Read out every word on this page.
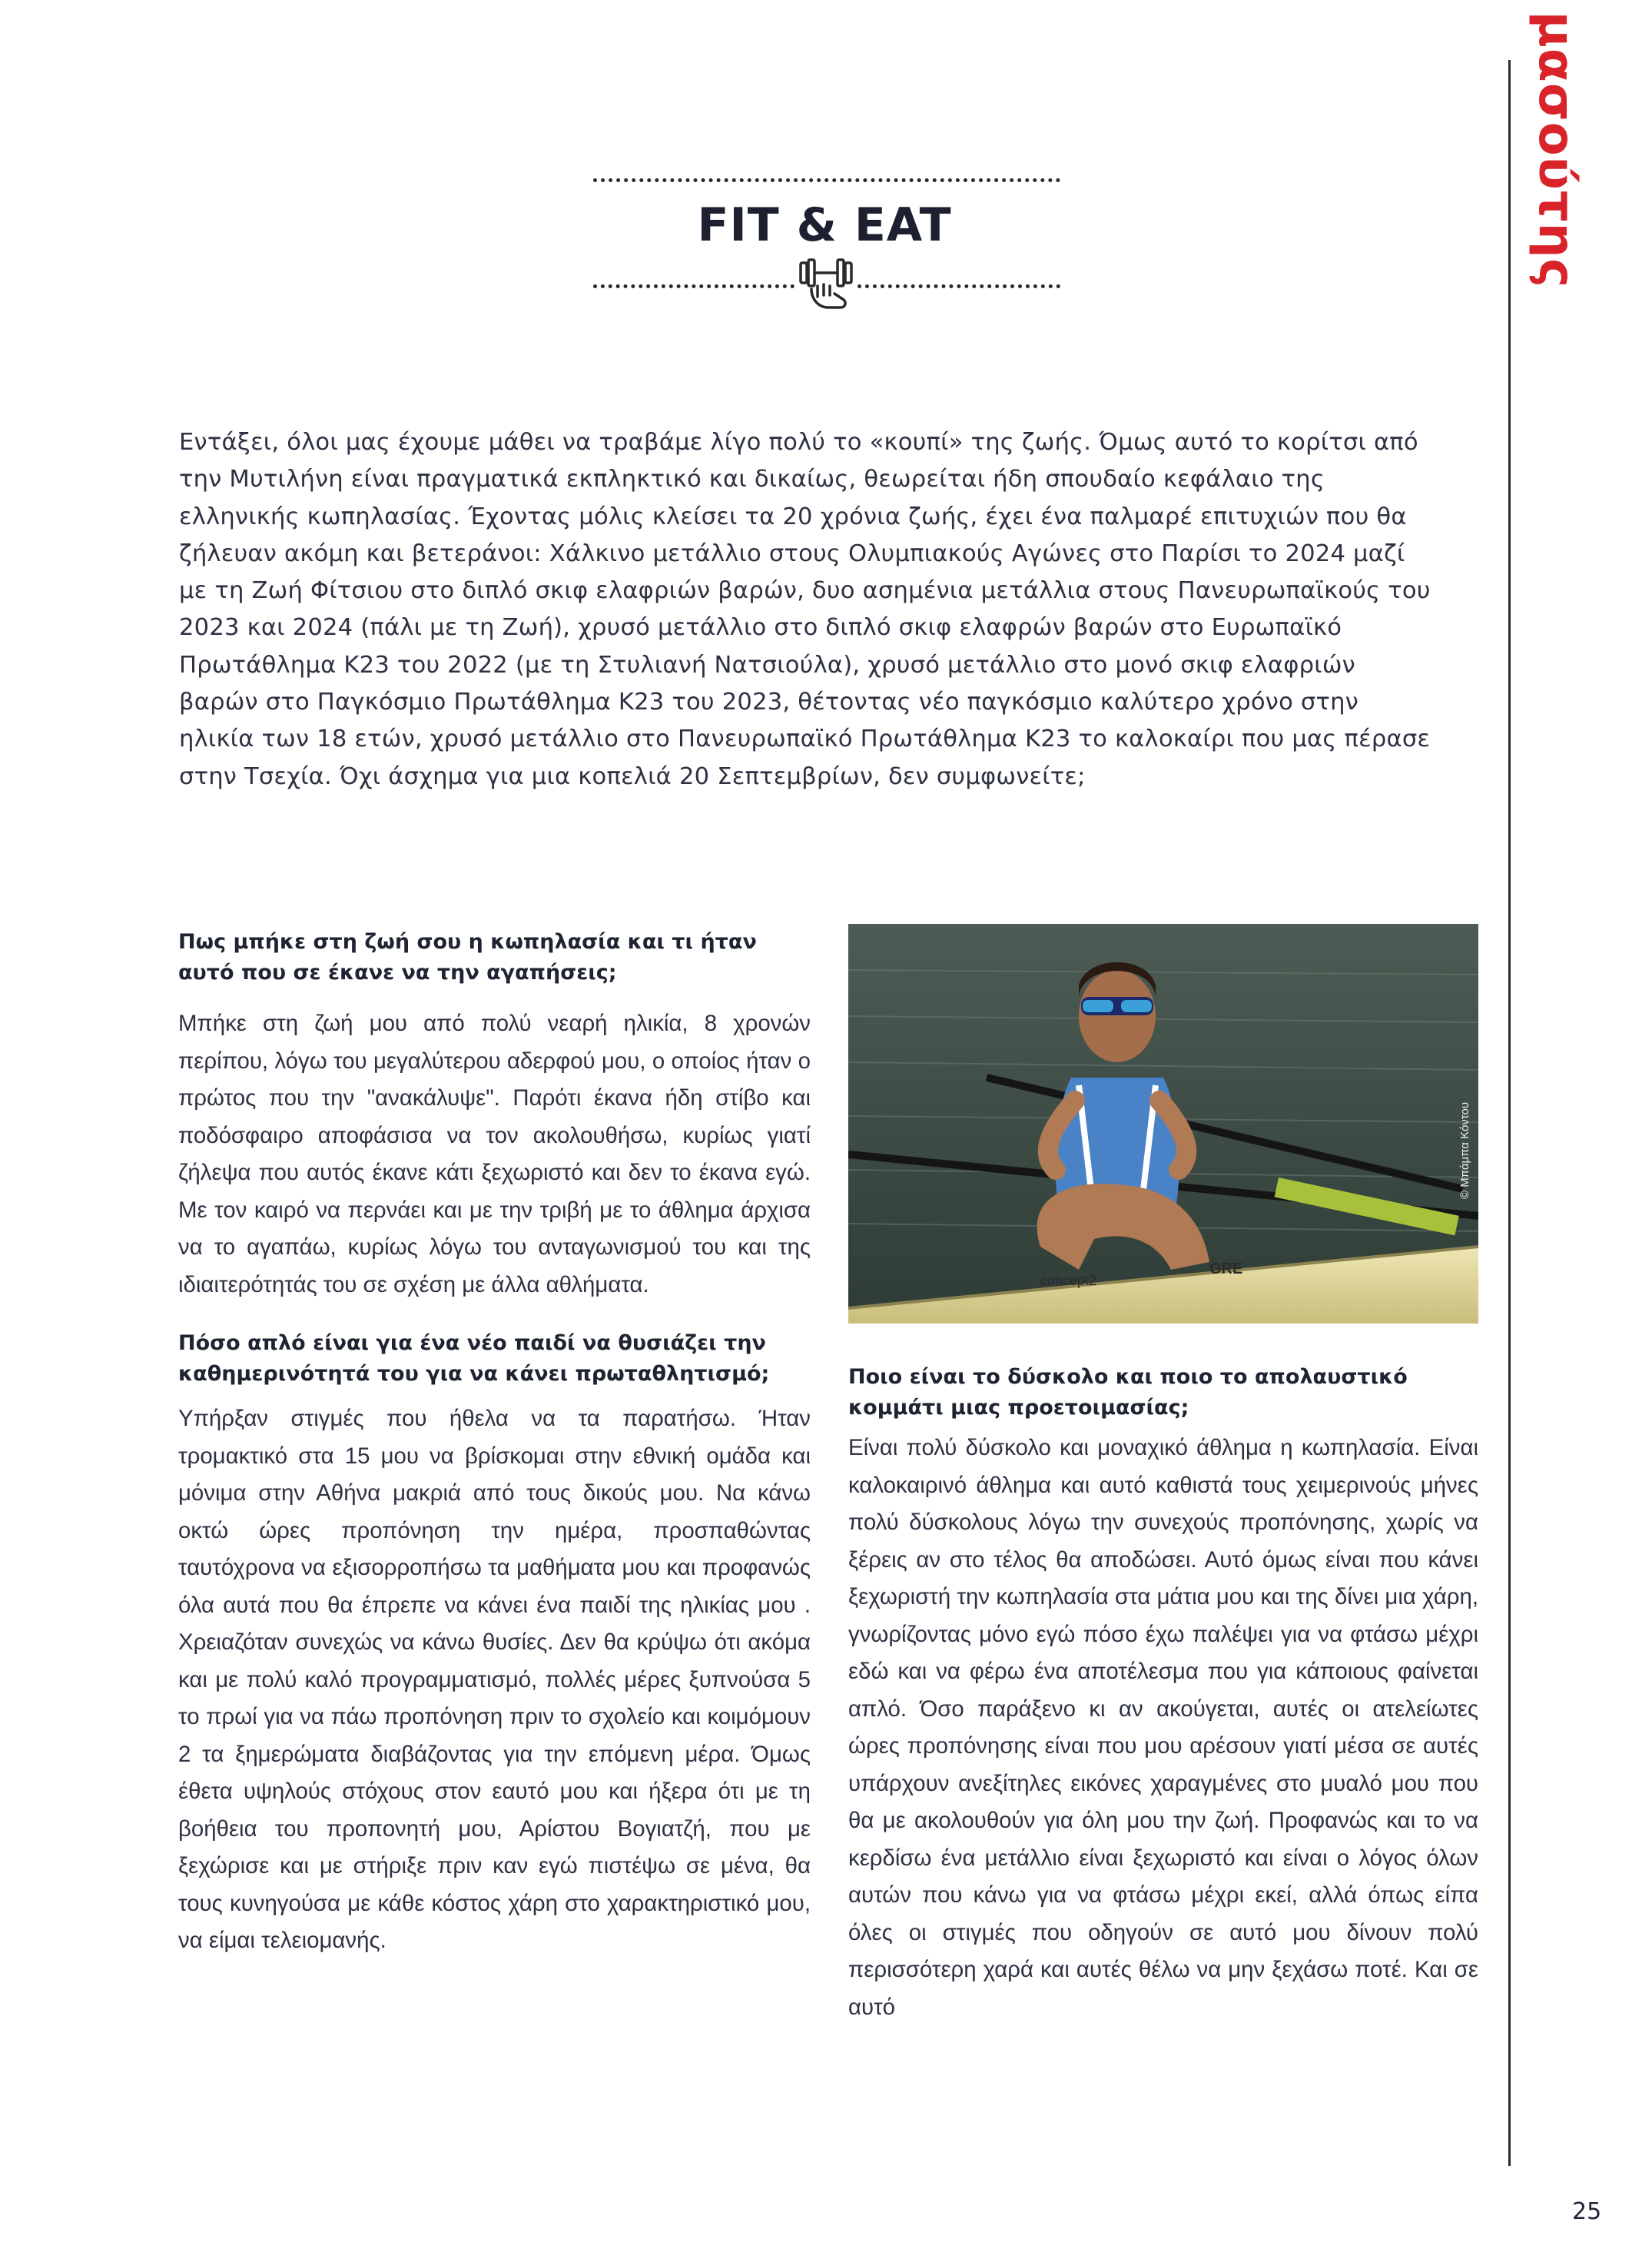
μασούτης
FIT & EAT

Εντάξει, όλοι μας έχουμε μάθει να τραβάμε λίγο πολύ το «κουπί» της ζωής. Όμως αυτό το κορίτσι από την Μυτιλήνη είναι πραγματικά εκπληκτικό και δικαίως, θεωρείται ήδη σπουδαίο κεφάλαιο της ελληνικής κωπηλασίας. Έχοντας μόλις κλείσει τα 20 χρόνια ζωής, έχει ένα παλμαρέ επιτυχιών που θα ζήλευαν ακόμη και βετεράνοι: Χάλκινο μετάλλιο στους Ολυμπιακούς Αγώνες στο Παρίσι το 2024 μαζί με τη Ζωή Φίτσιου στο διπλό σκιφ ελαφριών βαρών, δυο ασημένια μετάλλια στους Πανευρωπαϊκούς του 2023 και 2024 (πάλι με τη Ζωή), χρυσό μετάλλιο στο διπλό σκιφ ελαφρών βαρών στο Ευρωπαϊκό Πρωτάθλημα Κ23 του 2022 (με τη Στυλιανή Νατσιούλα), χρυσό μετάλλιο στο μονό σκιφ ελαφριών βαρών στο Παγκόσμιο Πρωτάθλημα Κ23 του 2023, θέτοντας νέο παγκόσμιο καλύτερο χρόνο στην ηλικία των 18 ετών, χρυσό μετάλλιο στο Πανευρωπαϊκό Πρωτάθλημα Κ23 το καλοκαίρι που μας πέρασε στην Τσεχία. Όχι άσχημα για μια κοπελιά 20 Σεπτεμβρίων, δεν συμφωνείτε;

Πως μπήκε στη ζωή σου η κωπηλασία και τι ήταν αυτό που σε έκανε να την αγαπήσεις;

Μπήκε στη ζωή μου από πολύ νεαρή ηλικία, 8 χρονών περίπου, λόγω του μεγαλύτερου αδερφού μου, ο οποίος ήταν ο πρώτος που την "ανακάλυψε". Παρότι έκανα ήδη στίβο και ποδόσφαιρο αποφάσισα να τον ακολουθήσω, κυρίως γιατί ζήλεψα που αυτός έκανε κάτι ξεχωριστό και δεν το έκανα εγώ. Με τον καιρό να περνάει και με την τριβή με το άθλημα άρχισα να το αγαπάω, κυρίως λόγω του ανταγωνισμού του και της ιδιαιτερότητάς του σε σχέση με άλλα αθλήματα.

Πόσο απλό είναι για ένα νέο παιδί να θυσιάζει την καθημερινότητά του για να κάνει πρωταθλητισμό;

Υπήρξαν στιγμές που ήθελα να τα παρατήσω. Ήταν τρομακτικό στα 15 μου να βρίσκομαι στην εθνική ομάδα και μόνιμα στην Αθήνα μακριά από τους δικούς μου. Να κάνω οκτώ ώρες προπόνηση την ημέρα, προσπαθώντας ταυτόχρονα να εξισορροπήσω τα μαθήματα μου και προφανώς όλα αυτά που θα έπρεπε να κάνει ένα παιδί της ηλικίας μου . Χρειαζόταν συνεχώς να κάνω θυσίες. Δεν θα κρύψω ότι ακόμα και με πολύ καλό προγραμματισμό, πολλές μέρες ξυπνούσα 5 το πρωί για να πάω προπόνηση πριν το σχολείο και κοιμόμουν 2 τα ξημερώματα διαβάζοντας για την επόμενη μέρα. Όμως έθετα υψηλούς στόχους στον εαυτό μου και ήξερα ότι με τη βοήθεια του προπονητή μου, Αρίστου Βογιατζή, που με ξεχώρισε και με στήριξε πριν καν εγώ πιστέψω σε μένα, θα τους κυνηγούσα με κάθε κόστος χάρη στο χαρακτηριστικό μου, να είμαι τελειομανής.

concept2
GRE
© Μπάμπα Κόντου

Ποιο είναι το δύσκολο και ποιο το απολαυστικό κομμάτι μιας προετοιμασίας;

Είναι πολύ δύσκολο και μοναχικό άθλημα η κωπηλασία. Είναι καλοκαιρινό άθλημα και αυτό καθιστά τους χειμερινούς μήνες πολύ δύσκολους λόγω την συνεχούς προπόνησης, χωρίς να ξέρεις αν στο τέλος θα αποδώσει. Αυτό όμως είναι που κάνει ξεχωριστή την κωπηλασία στα μάτια μου και της δίνει μια χάρη, γνωρίζοντας μόνο εγώ πόσο έχω παλέψει για να φτάσω μέχρι εδώ και να φέρω ένα αποτέλεσμα που για κάποιους φαίνεται απλό. Όσο παράξενο κι αν ακούγεται, αυτές οι ατελείωτες ώρες προπόνησης είναι που μου αρέσουν γιατί μέσα σε αυτές υπάρχουν ανεξίτηλες εικόνες χαραγμένες στο μυαλό μου που θα με ακολουθούν για όλη μου την ζωή. Προφανώς και το να κερδίσω ένα μετάλλιο είναι ξεχωριστό και είναι ο λόγος όλων αυτών που κάνω για να φτάσω μέχρι εκεί, αλλά όπως είπα όλες οι στιγμές που οδηγούν σε αυτό μου δίνουν πολύ περισσότερη χαρά και αυτές θέλω να μην ξεχάσω ποτέ. Και σε αυτό

25
